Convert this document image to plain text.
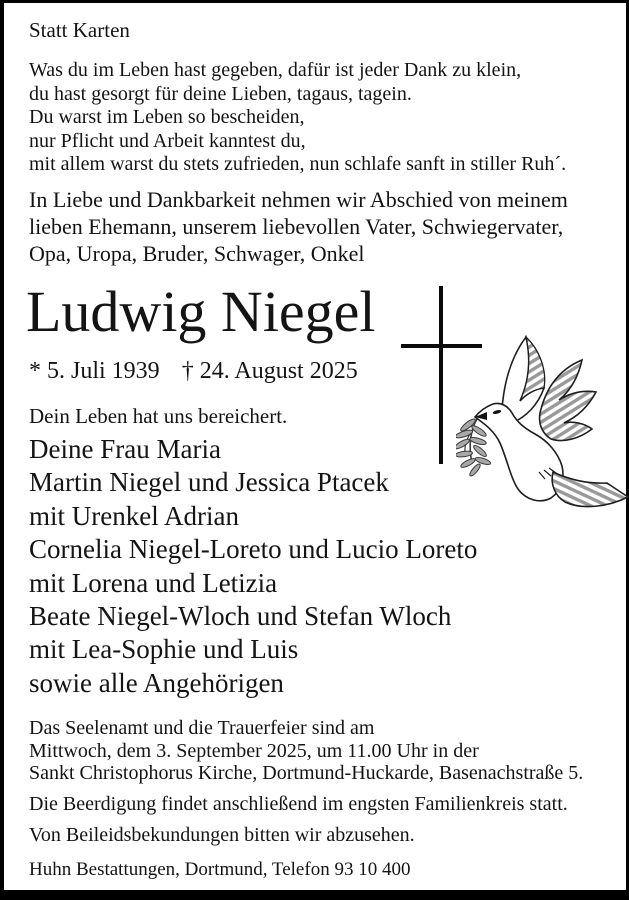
Statt Karten
Was du im Leben hast gegeben, dafür ist jeder Dank zu klein,
du hast gesorgt für deine Lieben, tagaus, tagein.
Du warst im Leben so bescheiden,
nur Pflicht und Arbeit kanntest du,
mit allem warst du stets zufrieden, nun schlafe sanft in stiller Ruh´.
In Liebe und Dankbarkeit nehmen wir Abschied von meinem
lieben Ehemann, unserem liebevollen Vater, Schwiegervater,
Opa, Uropa, Bruder, Schwager, Onkel
Ludwig Niegel
* 5. Juli 1939 † 24. August 2025
Dein Leben hat uns bereichert.
Deine Frau Maria
Martin Niegel und Jessica Ptacek
mit Urenkel Adrian
Cornelia Niegel-Loreto und Lucio Loreto
mit Lorena und Letizia
Beate Niegel-Wloch und Stefan Wloch
mit Lea-Sophie und Luis
sowie alle Angehörigen
Das Seelenamt und die Trauerfeier sind am
Mittwoch, dem 3. September 2025, um 11.00 Uhr in der
Sankt Christophorus Kirche, Dortmund-Huckarde, Basenachstraße 5.
Die Beerdigung findet anschließend im engsten Familienkreis statt.
Von Beileidsbekundungen bitten wir abzusehen.
Huhn Bestattungen, Dortmund, Telefon 93 10 400
